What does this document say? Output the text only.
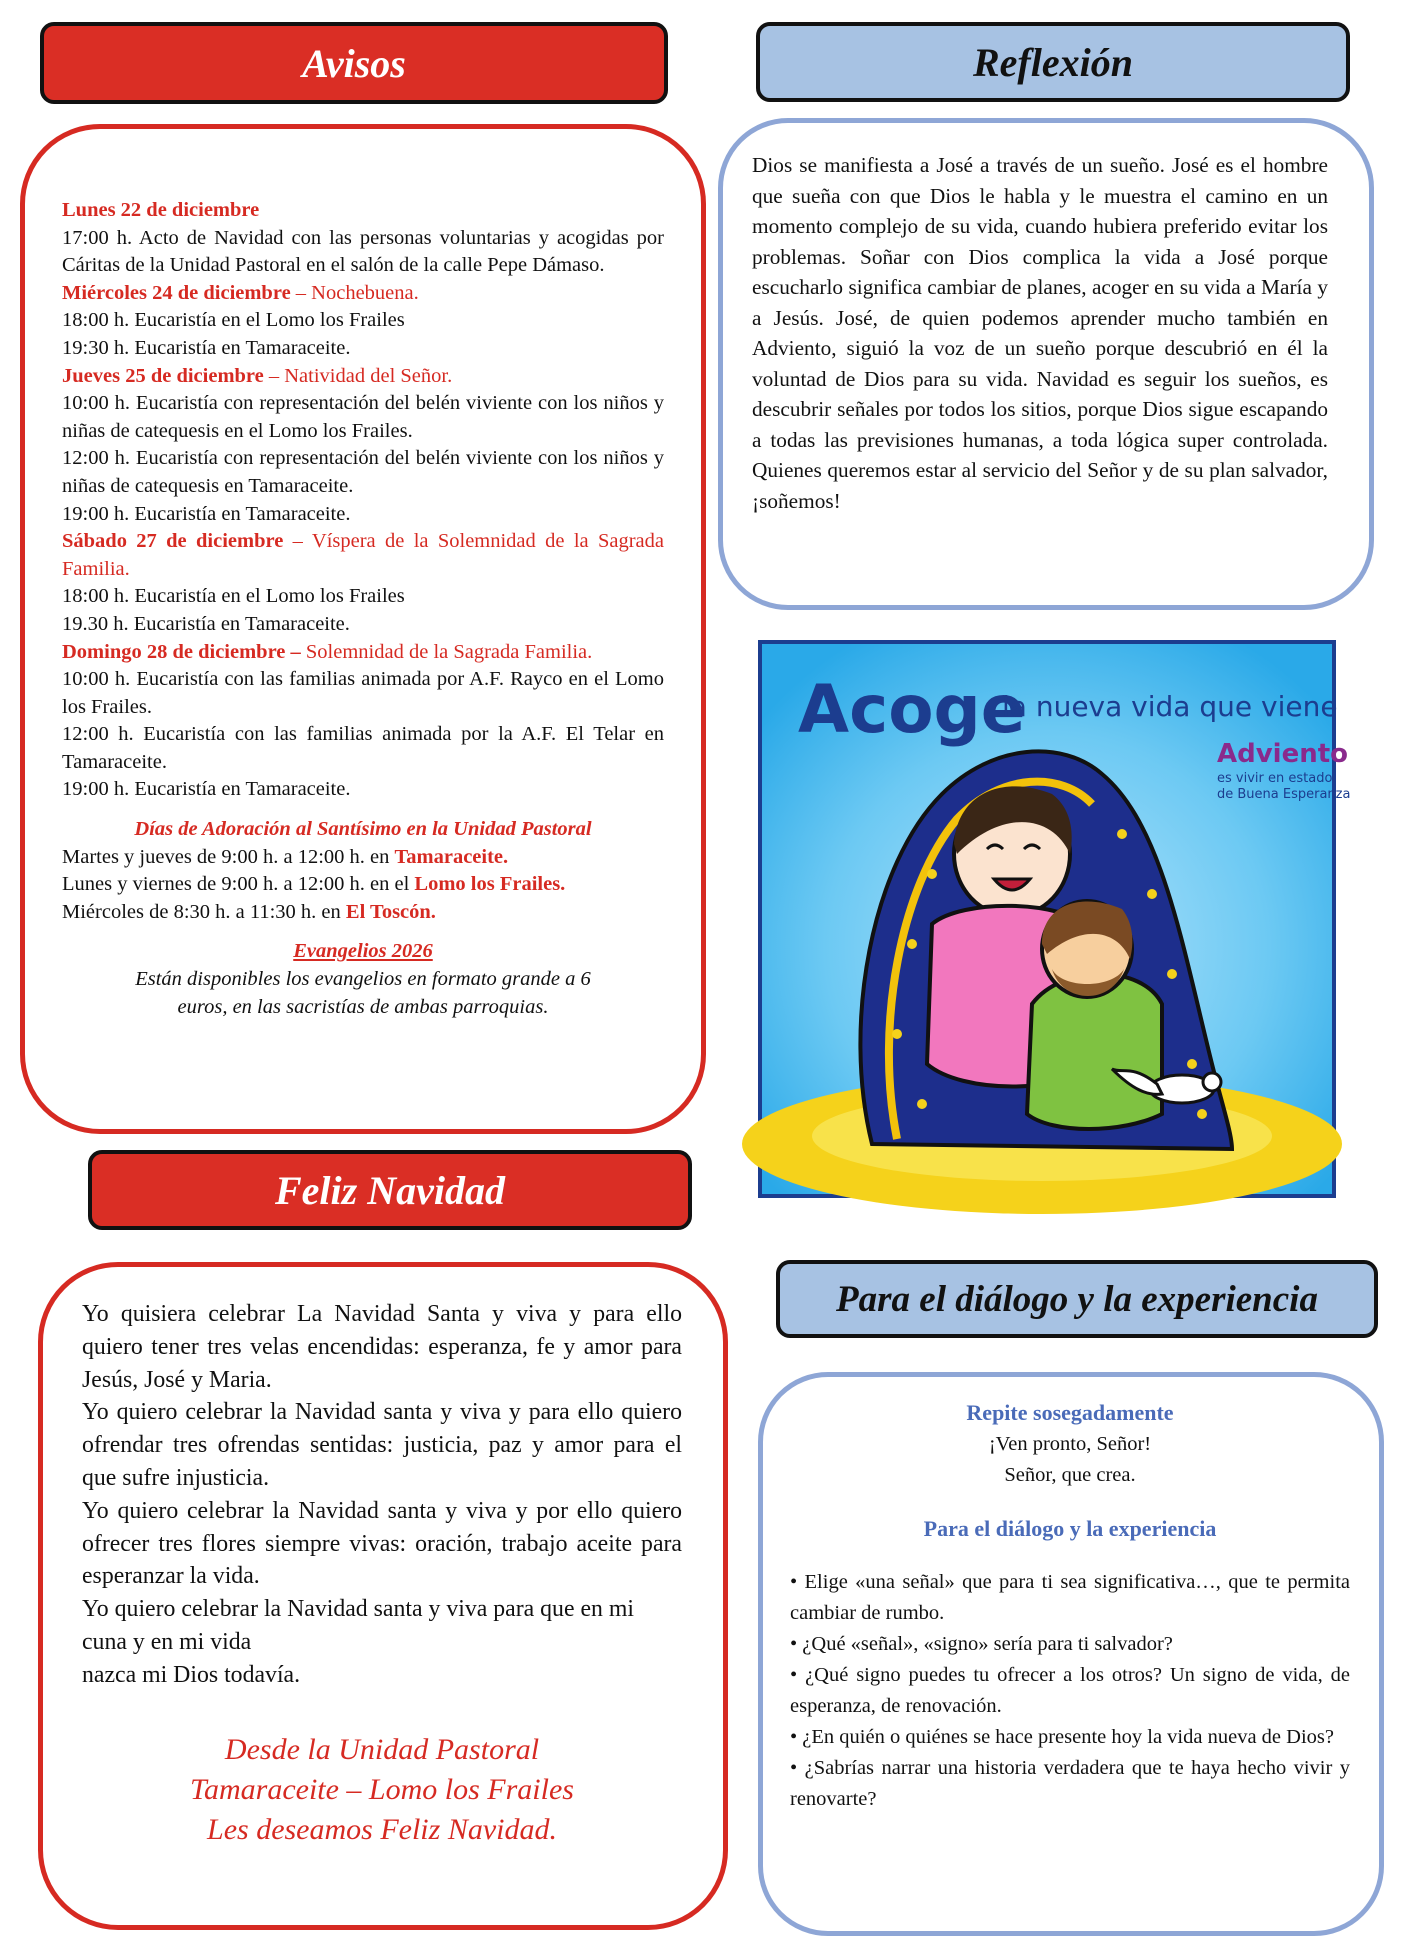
Avisos
Lunes 22 de diciembre

17:00 h. Acto de Navidad con las personas voluntarias y acogidas por Cáritas de la Unidad Pastoral en el salón de la calle Pepe Dámaso.

Miércoles 24 de diciembre – Nochebuena.

18:00 h. Eucaristía en el Lomo los Frailes

19:30 h. Eucaristía en Tamaraceite.

Jueves 25 de diciembre – Natividad del Señor.

10:00 h. Eucaristía con representación del belén viviente con los niños y niñas de catequesis en el Lomo los Frailes.

12:00 h. Eucaristía con representación del belén viviente con los niños y niñas de catequesis en Tamaraceite.

19:00 h. Eucaristía en Tamaraceite.

Sábado 27 de diciembre – Víspera de la Solemnidad de la Sagrada Familia.

18:00 h. Eucaristía en el Lomo los Frailes

19.30 h. Eucaristía en Tamaraceite.

Domingo 28 de diciembre – Solemnidad de la Sagrada Familia.

10:00 h. Eucaristía con las familias animada por A.F. Rayco en el Lomo los Frailes.

12:00 h. Eucaristía con las familias animada por la A.F. El Telar en Tamaraceite.

19:00 h. Eucaristía en Tamaraceite.

Días de Adoración al Santísimo en la Unidad Pastoral
Martes y jueves de 9:00 h. a 12:00 h. en Tamaraceite.
Lunes y viernes de 9:00 h. a 12:00 h. en el Lomo los Frailes.
Miércoles de 8:30 h. a 11:30 h. en El Toscón.
Evangelios 2026
Están disponibles los evangelios en formato grande a 6
euros, en las sacristías de ambas parroquias.
Reflexión
Dios se manifiesta a José a través de un sueño. José es el hombre que sueña con que Dios le habla y le muestra el camino en un momento complejo de su vida, cuando hubiera preferido evitar los problemas. Soñar con Dios complica la vida a José porque escucharlo significa cambiar de planes, acoger en su vida a María y a Jesús. José, de quien podemos aprender mucho también en Adviento, siguió la voz de un sueño porque descubrió en él la voluntad de Dios para su vida. Navidad es seguir los sueños, es descubrir señales por todos los sitios, porque Dios sigue escapando a todas las previsiones humanas, a toda lógica super controlada. Quienes queremos estar al servicio del Señor y de su plan salvador, ¡soñemos!
Acoge
la nueva vida que viene
Adviento
es vivir en estado
de Buena Esperanza
Feliz Navidad

Yo quisiera celebrar La Navidad Santa y viva y para ello quiero tener tres velas encendidas: esperanza, fe y amor para Jesús, José y Maria.

Yo quiero celebrar la Navidad santa y viva y para ello quiero ofrendar tres ofrendas sentidas: justicia, paz y amor para el que sufre injusticia.

Yo quiero celebrar la Navidad santa y viva y por ello quiero ofrecer tres flores siempre vivas: oración, trabajo aceite para esperanzar la vida.

Yo quiero celebrar la Navidad santa y viva para que en mi cuna y en mi vida

nazca mi Dios todavía.

Desde la Unidad Pastoral
Tamaraceite – Lomo los Frailes
Les deseamos Feliz Navidad.
Para el diálogo y la experiencia
Repite sosegadamente
¡Ven pronto, Señor!
Señor, que crea.
Para el diálogo y la experiencia

• Elige «una señal» que para ti sea significativa…, que te permita cambiar de rumbo.

• ¿Qué «señal», «signo» sería para ti salvador?

• ¿Qué signo puedes tu ofrecer a los otros? Un signo de vida, de esperanza, de renovación.

• ¿En quién o quiénes se hace presente hoy la vida nueva de Dios?

• ¿Sabrías narrar una historia verdadera que te haya hecho vivir y renovarte?
